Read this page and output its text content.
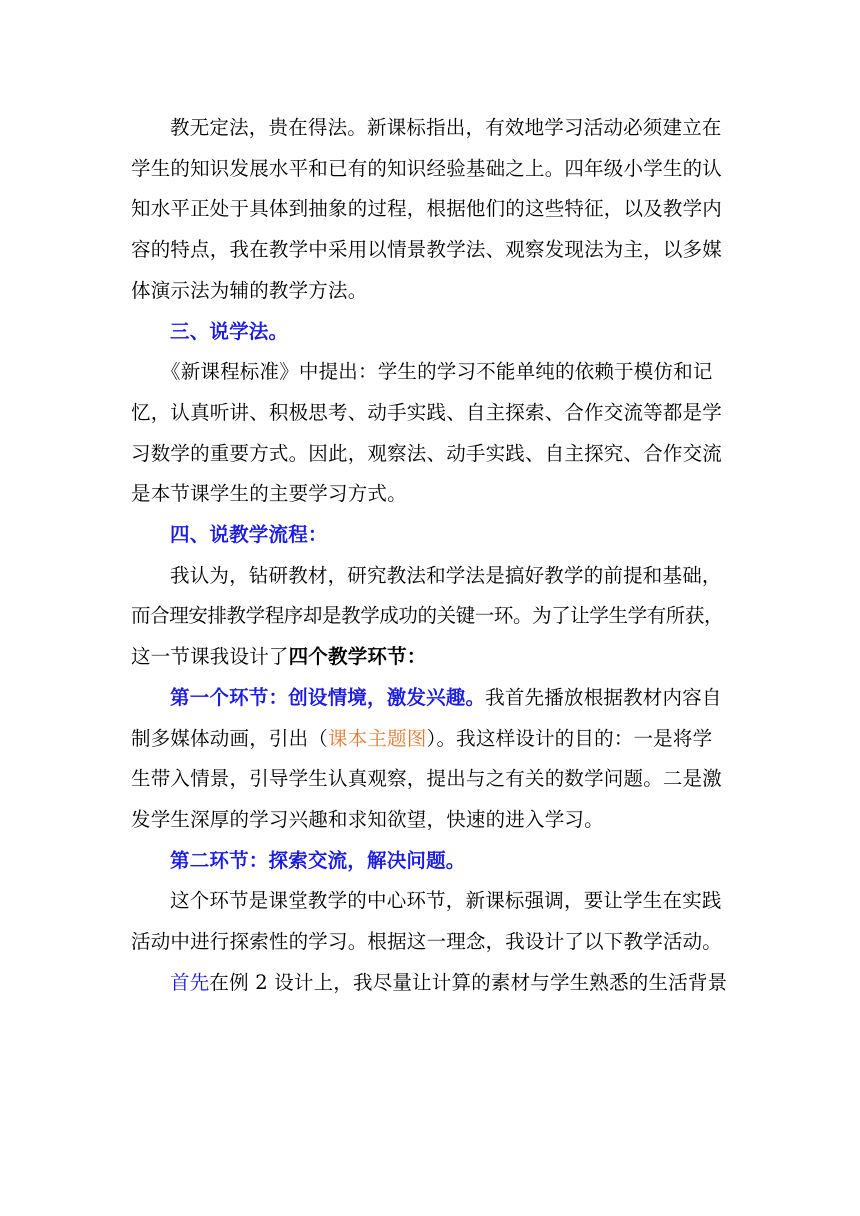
教无定法，贵在得法。新课标指出，有效地学习活动必须建立在
学生的知识发展水平和已有的知识经验基础之上。四年级小学生的认
知水平正处于具体到抽象的过程，根据他们的这些特征，以及教学内
容的特点，我在教学中采用以情景教学法、观察发现法为主，以多媒
体演示法为辅的教学方法。
三、说学法。
《新课程标准》中提出：学生的学习不能单纯的依赖于模仿和记
忆，认真听讲、积极思考、动手实践、自主探索、合作交流等都是学
习数学的重要方式。因此，观察法、动手实践、自主探究、合作交流
是本节课学生的主要学习方式。
四、说教学流程：
我认为，钻研教材，研究教法和学法是搞好教学的前提和基础，
而合理安排教学程序却是教学成功的关键一环。为了让学生学有所获，
这一节课我设计了四个教学环节：
第一个环节：创设情境，激发兴趣。我首先播放根据教材内容自
制多媒体动画，引出（课本主题图）。我这样设计的目的：一是将学
生带入情景，引导学生认真观察，提出与之有关的数学问题。二是激
发学生深厚的学习兴趣和求知欲望，快速的进入学习。
第二环节：探索交流，解决问题。
这个环节是课堂教学的中心环节，新课标强调，要让学生在实践
活动中进行探索性的学习。根据这一理念，我设计了以下教学活动。
首先在例 2 设计上，我尽量让计算的素材与学生熟悉的生活背景
